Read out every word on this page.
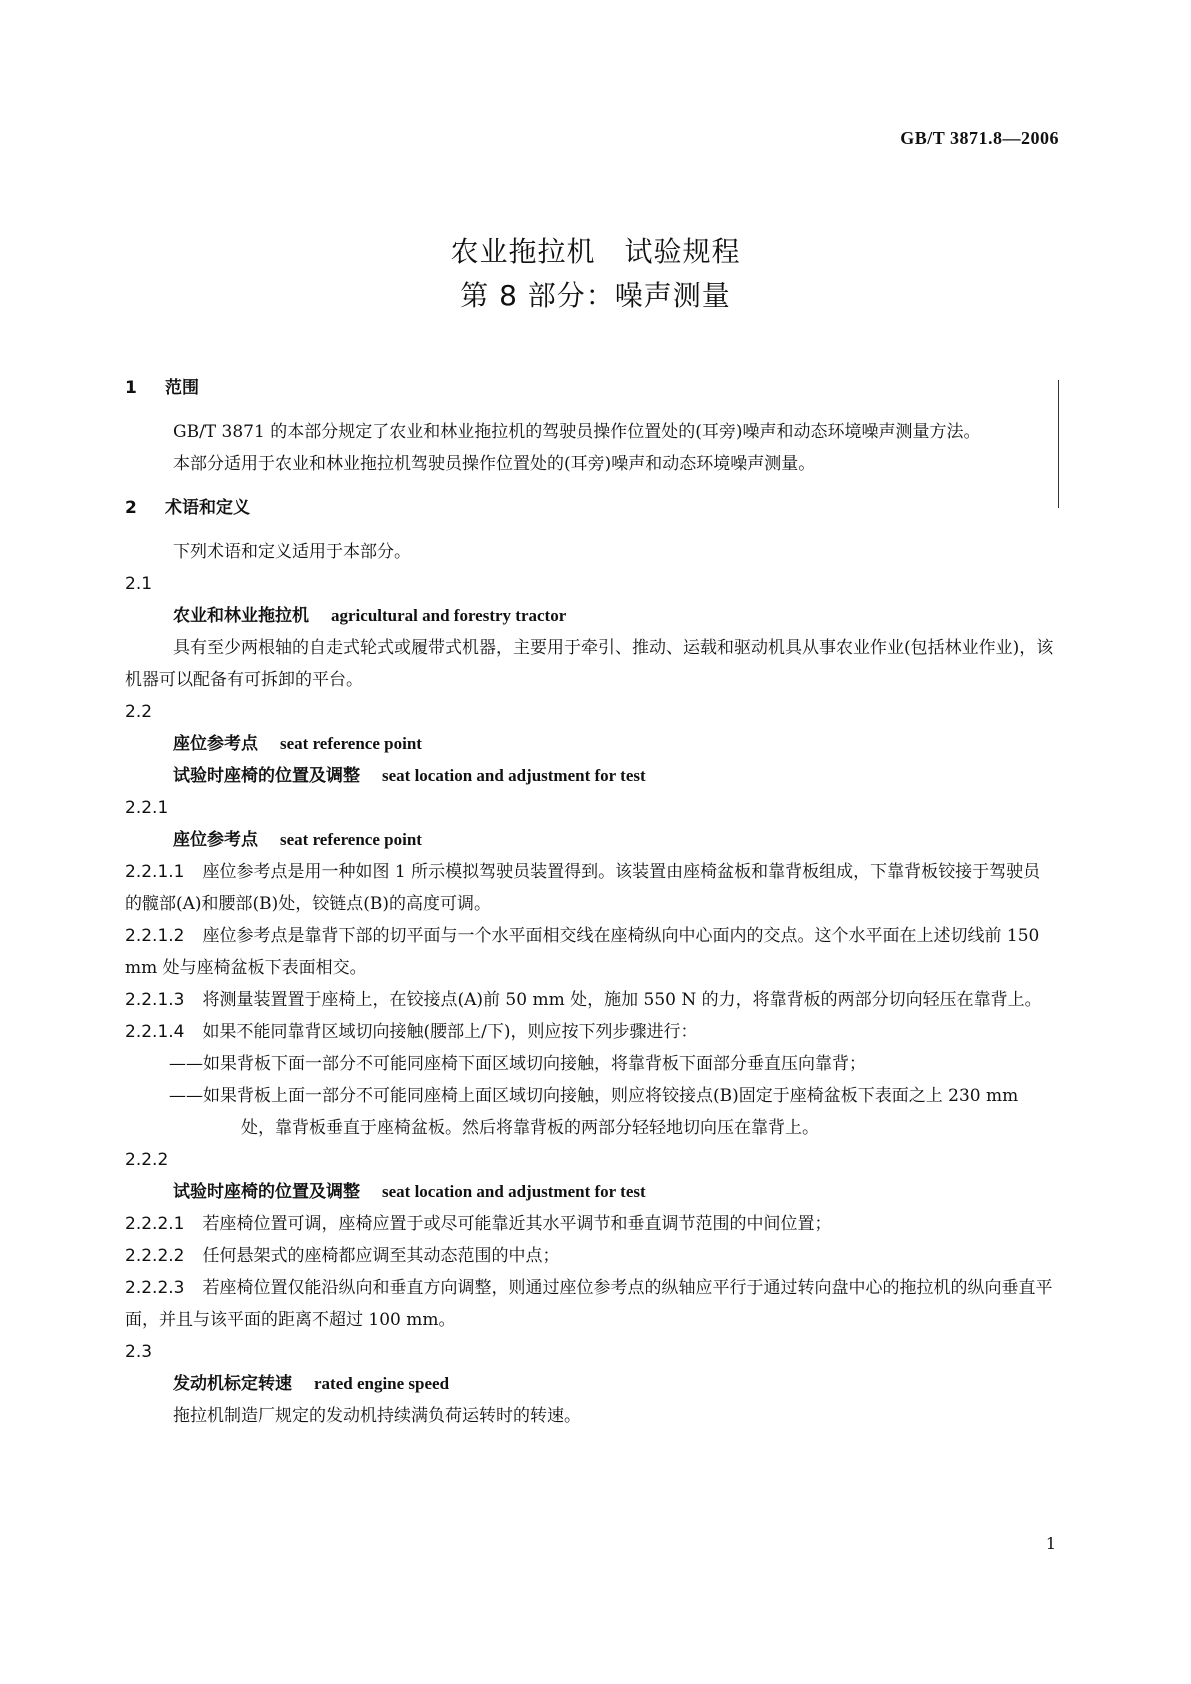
GB/T 3871.8—2006
农业拖拉机　试验规程
第 8 部分：噪声测量

1 范围

GB/T 3871 的本部分规定了农业和林业拖拉机的驾驶员操作位置处的(耳旁)噪声和动态环境噪声测量方法。

本部分适用于农业和林业拖拉机驾驶员操作位置处的(耳旁)噪声和动态环境噪声测量。

2 术语和定义

下列术语和定义适用于本部分。

2.1

农业和林业拖拉机 agricultural and forestry tractor

具有至少两根轴的自走式轮式或履带式机器，主要用于牵引、推动、运载和驱动机具从事农业作业(包括林业作业)，该机器可以配备有可拆卸的平台。

2.2

座位参考点 seat reference point

试验时座椅的位置及调整 seat location and adjustment for test

2.2.1

座位参考点 seat reference point

2.2.1.1 座位参考点是用一种如图 1 所示模拟驾驶员装置得到。该装置由座椅盆板和靠背板组成，下靠背板铰接于驾驶员的髋部(A)和腰部(B)处，铰链点(B)的高度可调。

2.2.1.2 座位参考点是靠背下部的切平面与一个水平面相交线在座椅纵向中心面内的交点。这个水平面在上述切线前 150 mm 处与座椅盆板下表面相交。

2.2.1.3 将测量装置置于座椅上，在铰接点(A)前 50 mm 处，施加 550 N 的力，将靠背板的两部分切向轻压在靠背上。

2.2.1.4 如果不能同靠背区域切向接触(腰部上/下)，则应按下列步骤进行：

——如果背板下面一部分不可能同座椅下面区域切向接触，将靠背板下面部分垂直压向靠背；

——如果背板上面一部分不可能同座椅上面区域切向接触，则应将铰接点(B)固定于座椅盆板下表面之上 230 mm 处，靠背板垂直于座椅盆板。然后将靠背板的两部分轻轻地切向压在靠背上。

2.2.2

试验时座椅的位置及调整 seat location and adjustment for test

2.2.2.1 若座椅位置可调，座椅应置于或尽可能靠近其水平调节和垂直调节范围的中间位置；

2.2.2.2 任何悬架式的座椅都应调至其动态范围的中点；

2.2.2.3 若座椅位置仅能沿纵向和垂直方向调整，则通过座位参考点的纵轴应平行于通过转向盘中心的拖拉机的纵向垂直平面，并且与该平面的距离不超过 100 mm。

2.3

发动机标定转速 rated engine speed

拖拉机制造厂规定的发动机持续满负荷运转时的转速。

1
